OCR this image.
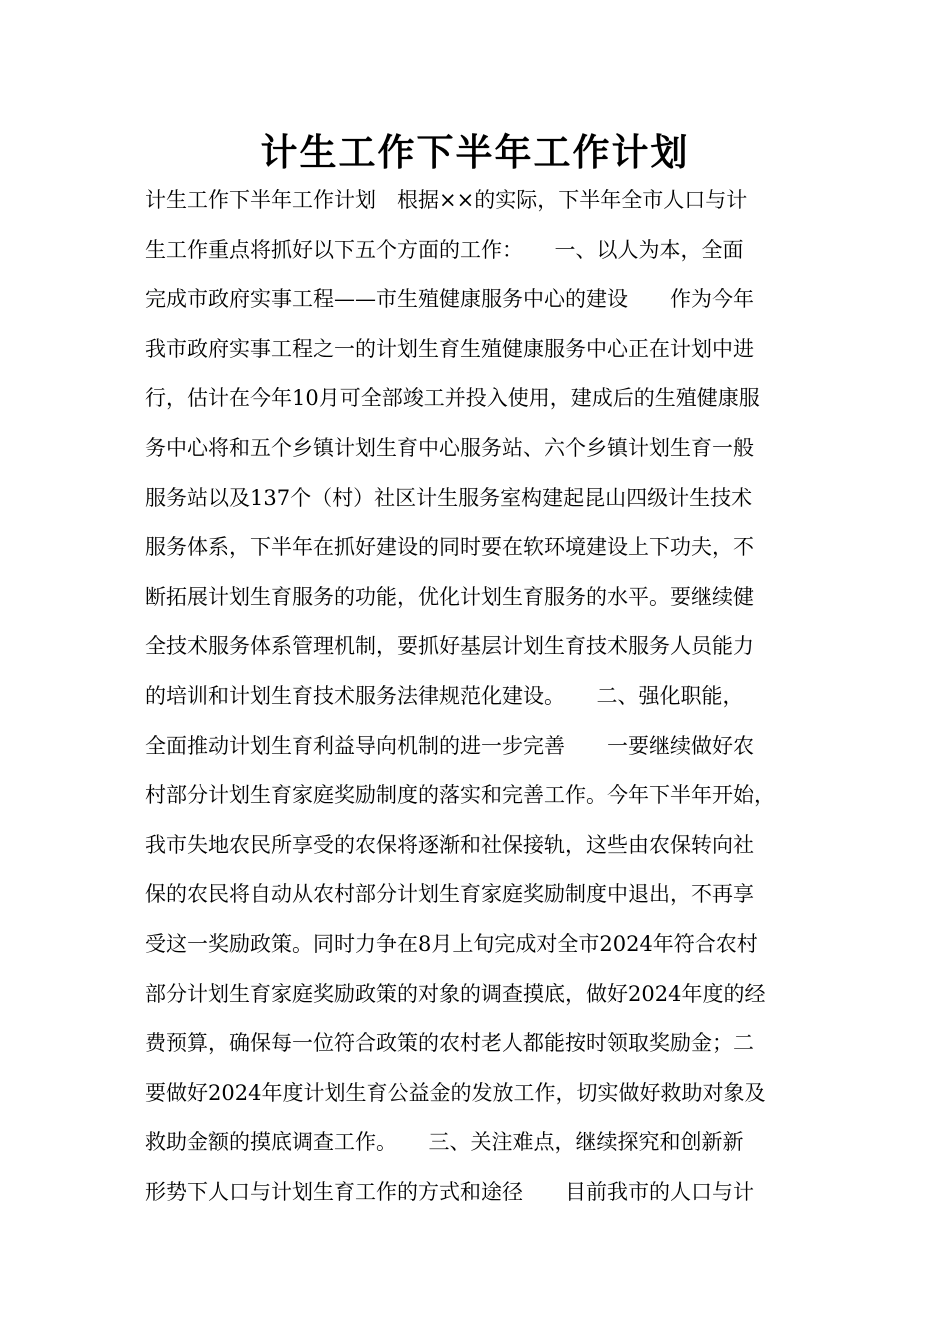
计生工作下半年工作计划
计生工作下半年工作计划　根据××的实际，下半年全市人口与计
生工作重点将抓好以下五个方面的工作：　　一、以人为本，全面
完成市政府实事工程——市生殖健康服务中心的建设　　作为今年
我市政府实事工程之一的计划生育生殖健康服务中心正在计划中进
行，估计在今年10月可全部竣工并投入使用，建成后的生殖健康服
务中心将和五个乡镇计划生育中心服务站、六个乡镇计划生育一般
服务站以及137个（村）社区计生服务室构建起昆山四级计生技术
服务体系，下半年在抓好建设的同时要在软环境建设上下功夫，不
断拓展计划生育服务的功能，优化计划生育服务的水平。要继续健
全技术服务体系管理机制，要抓好基层计划生育技术服务人员能力
的培训和计划生育技术服务法律规范化建设。　　二、强化职能，
全面推动计划生育利益导向机制的进一步完善　　一要继续做好农
村部分计划生育家庭奖励制度的落实和完善工作。今年下半年开始，
我市失地农民所享受的农保将逐渐和社保接轨，这些由农保转向社
保的农民将自动从农村部分计划生育家庭奖励制度中退出，不再享
受这一奖励政策。同时力争在8月上旬完成对全市2024年符合农村
部分计划生育家庭奖励政策的对象的调查摸底，做好2024年度的经
费预算，确保每一位符合政策的农村老人都能按时领取奖励金；二
要做好2024年度计划生育公益金的发放工作，切实做好救助对象及
救助金额的摸底调查工作。　　三、关注难点，继续探究和创新新
形势下人口与计划生育工作的方式和途径　　目前我市的人口与计
